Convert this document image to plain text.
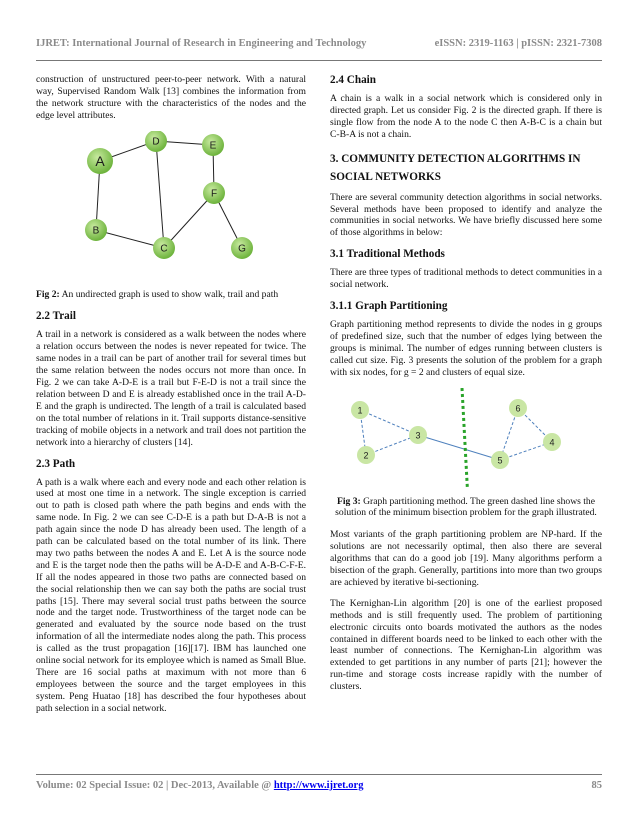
IJRET: International Journal of Research in Engineering and Technology	eISSN: 2319-1163 | pISSN: 2321-7308

construction of unstructured peer-to-peer network. With a natural way, Supervised Random Walk [13] combines the information from the network structure with the characteristics of the nodes and the edge level attributes.

A
B
C
D	E
F
G

Fig 2: An undirected graph is used to show walk, trail and path

2.2 Trail

A trail in a network is considered as a walk between the nodes where a relation occurs between the nodes is never repeated for twice. The same nodes in a trail can be part of another trail for several times but the same relation between the nodes occurs not more than once. In Fig. 2 we can take A-D-E is a trail but F-E-D is not a trail since the relation between D and E is already established once in the trail A-D-E and the graph is undirected. The length of a trail is calculated based on the total number of relations in it. Trail supports distance-sensitive tracking of mobile objects in a network and trail does not partition the network into a hierarchy of clusters [14].

2.3 Path

A path is a walk where each and every node and each other relation is used at most one time in a network. The single exception is carried out to path is closed path where the path begins and ends with the same node. In Fig. 2 we can see C-D-E is a path but D-A-B is not a path again since the node D has already been used. The length of a path can be calculated based on the total number of its link. There may two paths between the nodes A and E. Let A is the source node and E is the target node then the paths will be A-D-E and A-B-C-F-E. If all the nodes appeared in those two paths are connected based on the social relationship then we can say both the paths are social trust paths [15]. There may several social trust paths between the source node and the target node. Trustworthiness of the target node can be generated and evaluated by the source node based on the trust information of all the intermediate nodes along the path. This process is called as the trust propagation [16][17]. IBM has launched one online social network for its employee which is named as Small Blue. There are 16 social paths at maximum with not more than 6 employees between the source and the target employees in this system. Peng Huatao [18] has described the four hypotheses about path selection in a social network.

2.4 Chain

A chain is a walk in a social network which is considered only in directed graph. Let us consider Fig. 2 is the directed graph. If there is single flow from the node A to the node C then A-B-C is a chain but C-B-A is not a chain.

3. COMMUNITY DETECTION ALGORITHMS IN SOCIAL NETWORKS

There are several community detection algorithms in social networks. Several methods have been proposed to identify and analyze the communities in social networks. We have briefly discussed here some of those algorithms in below:

3.1 Traditional Methods

There are three types of traditional methods to detect communities in a social network.

3.1.1 Graph Partitioning

Graph partitioning method represents to divide the nodes in g groups of predefined size, such that the number of edges lying between the groups is minimal. The number of edges running between clusters is called cut size. Fig. 3 presents the solution of the problem for a graph with six nodes, for g = 2 and clusters of equal size.

1
2
3
4
5
6

Fig 3: Graph partitioning method. The green dashed line shows the solution of the minimum bisection problem for the graph illustrated.

Most variants of the graph partitioning problem are NP-hard. If the solutions are not necessarily optimal, then also there are several algorithms that can do a good job [19]. Many algorithms perform a bisection of the graph. Generally, partitions into more than two groups are achieved by iterative bi-sectioning.

The Kernighan-Lin algorithm [20] is one of the earliest proposed methods and is still frequently used. The problem of partitioning electronic circuits onto boards motivated the authors as the nodes contained in different boards need to be linked to each other with the least number of connections. The Kernighan-Lin algorithm was extended to get partitions in any number of parts [21]; however the run-time and storage costs increase rapidly with the number of clusters.

Volume: 02 Special Issue: 02 | Dec-2013, Available @ http://www.ijret.org	85
